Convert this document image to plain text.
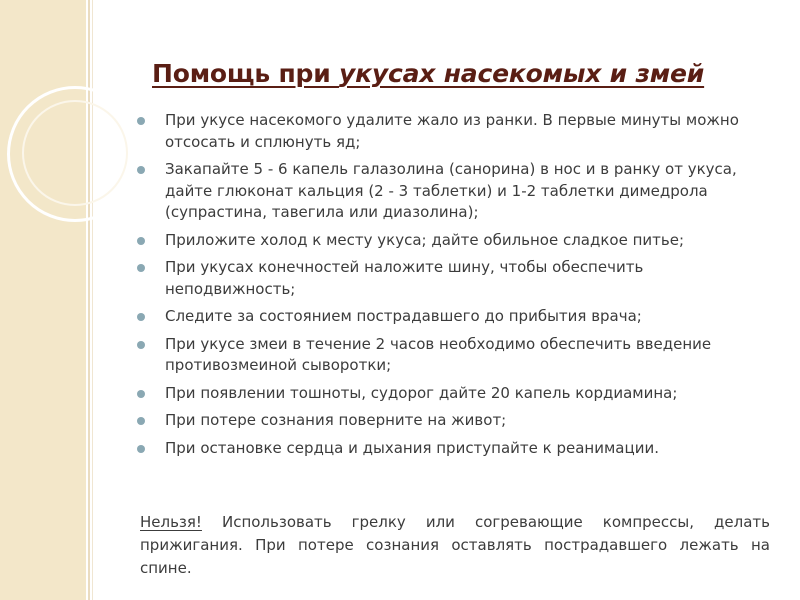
Помощь при укусах насекомых и змей
При укусе насекомого удалите жало из ранки. В первые минуты можно отсосать и сплюнуть яд;
Закапайте 5 - 6 капель галазолина (санорина) в нос и в ранку от укуса, дайте глюконат кальция (2 - 3 таблетки) и 1-2 таблетки димедрола (супрастина, тавегила или диазолина);
Приложите холод к месту укуса; дайте обильное сладкое питье;
При укусах конечностей наложите шину, чтобы обеспечить неподвижность;
Следите за состоянием пострадавшего до прибытия врача;
При укусе змеи в течение 2 часов необходимо обеспечить введение противозмеиной сыворотки;
При появлении тошноты, судорог дайте 20 капель кордиамина;
При потере сознания поверните на живот;
При остановке сердца и дыхания приступайте к реанимации.

Нельзя! Использовать грелку или согревающие компрессы, делать прижигания. При потере сознания оставлять пострадавшего лежать на спине.
